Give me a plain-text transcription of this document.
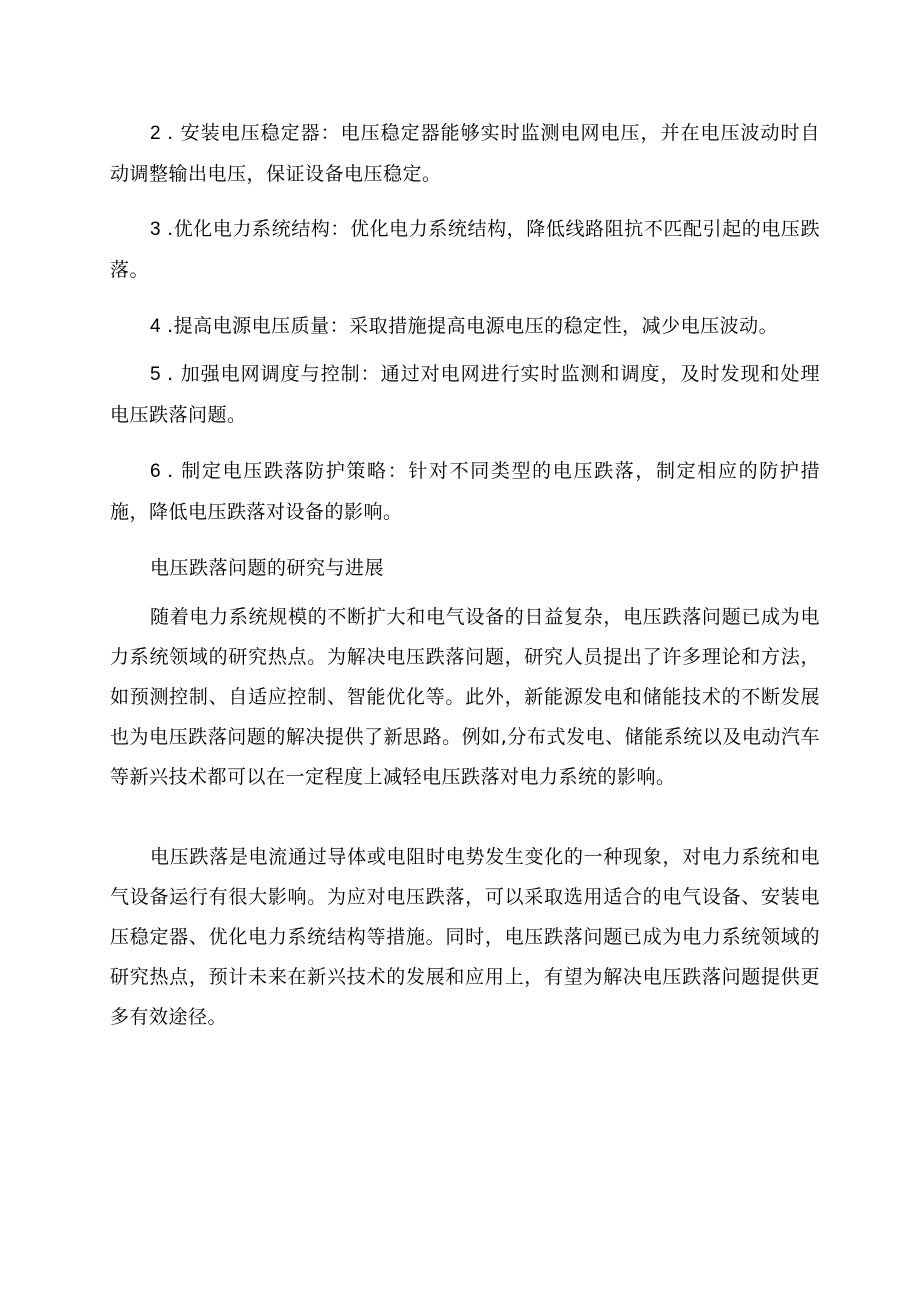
2 . 安装电压稳定器：电压稳定器能够实时监测电网电压，并在电压波动时自动调整输出电压，保证设备电压稳定。

3 .优化电力系统结构：优化电力系统结构，降低线路阻抗不匹配引起的电压跌落。

4 .提高电源电压质量：采取措施提高电源电压的稳定性，减少电压波动。

5 . 加强电网调度与控制：通过对电网进行实时监测和调度，及时发现和处理电压跌落问题。

6 . 制定电压跌落防护策略：针对不同类型的电压跌落，制定相应的防护措施，降低电压跌落对设备的影响。

电压跌落问题的研究与进展

随着电力系统规模的不断扩大和电气设备的日益复杂，电压跌落问题已成为电力系统领域的研究热点。为解决电压跌落问题，研究人员提出了许多理论和方法，如预测控制、自适应控制、智能优化等。此外，新能源发电和储能技术的不断发展也为电压跌落问题的解决提供了新思路。例如,分布式发电、储能系统以及电动汽车等新兴技术都可以在一定程度上减轻电压跌落对电力系统的影响。

电压跌落是电流通过导体或电阻时电势发生变化的一种现象，对电力系统和电气设备运行有很大影响。为应对电压跌落，可以采取选用适合的电气设备、安装电压稳定器、优化电力系统结构等措施。同时，电压跌落问题已成为电力系统领域的研究热点，预计未来在新兴技术的发展和应用上，有望为解决电压跌落问题提供更多有效途径。
